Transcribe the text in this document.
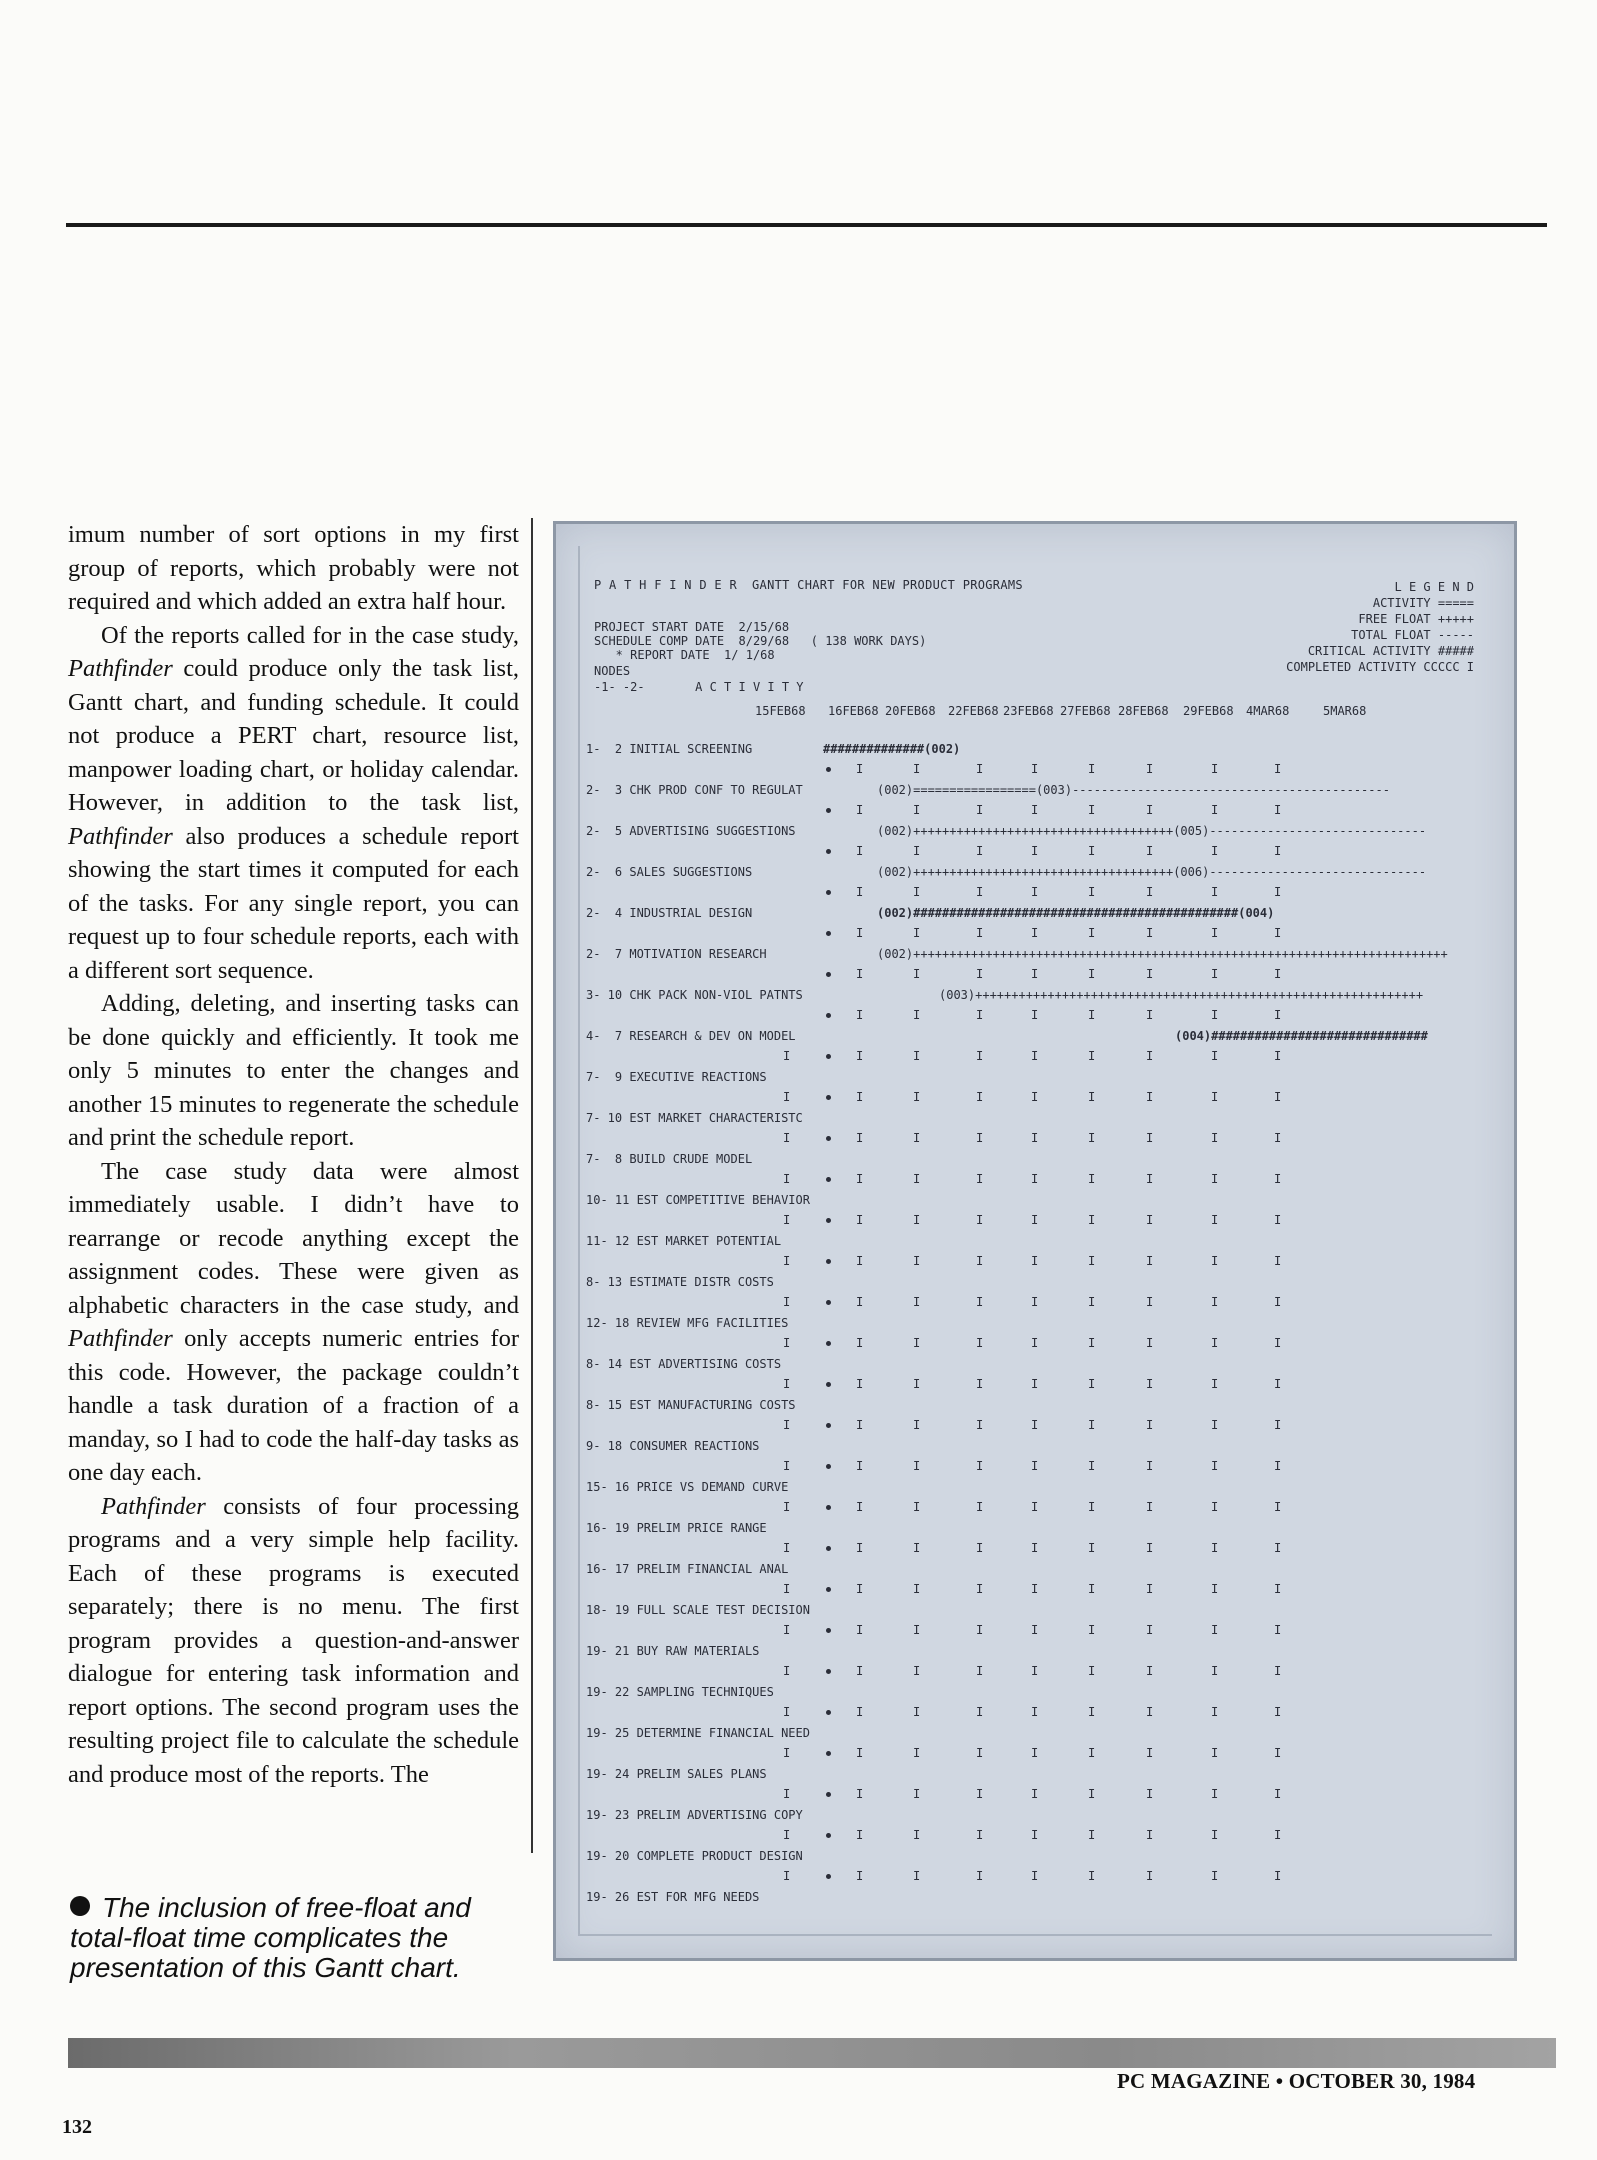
imum number of sort options in my first group of reports, which probably were not required and which added an extra half hour.

Of the reports called for in the case study, Pathfinder could produce only the task list, Gantt chart, and funding schedule. It could not produce a PERT chart, resource list, manpower loading chart, or holiday calendar. However, in addition to the task list, Pathfinder also produces a schedule report showing the start times it computed for each of the tasks. For any single report, you can request up to four schedule reports, each with a different sort sequence.

Adding, deleting, and inserting tasks can be done quickly and efficiently. It took me only 5 minutes to enter the changes and another 15 minutes to regenerate the schedule and print the schedule report.

The case study data were almost immediately usable. I didn’t have to rearrange or recode anything except the assignment codes. These were given as alphabetic characters in the case study, and Pathfinder only accepts numeric entries for this code. However, the package couldn’t handle a task duration of a fraction of a manday, so I had to code the half-day tasks as one day each.

Pathfinder consists of four processing programs and a very simple help facility. Each of these programs is executed separately; there is no menu. The first program provides a question-and-answer dialogue for entering task information and report options. The second program uses the resulting project file to calculate the schedule and produce most of the reports. The

The inclusion of free-float and total-float time complicates the presentation of this Gantt chart.
P A T H F I N D E R  GANTT CHART FOR NEW PRODUCT PROGRAMS
PROJECT START DATE  2/15/68
SCHEDULE COMP DATE  8/29/68   ( 138 WORK DAYS)
* REPORT DATE  1/ 1/68
NODES
-1- -2-       A C T I V I T Y
L E G E N D
ACTIVITY =====
FREE FLOAT +++++
TOTAL FLOAT -----
CRITICAL ACTIVITY #####
COMPLETED ACTIVITY CCCCC I
15FEB68 16FEB68 20FEB68 22FEB68 23FEB68 27FEB68 28FEB68 29FEB68 4MAR68	5MAR68
1-  2 INITIAL SCREENING	##############(002)
I	I	I	I	I	I	I	I
2-  3 CHK PROD CONF TO REGULAT	(002)=================(003)--------------------------------------------
I	I	I	I	I	I	I	I
2-  5 ADVERTISING SUGGESTIONS	(002)++++++++++++++++++++++++++++++++++++(005)------------------------------
I	I	I	I	I	I	I	I
2-  6 SALES SUGGESTIONS	(002)++++++++++++++++++++++++++++++++++++(006)------------------------------
I	I	I	I	I	I	I	I
2-  4 INDUSTRIAL DESIGN	(002)#############################################(004)
I	I	I	I	I	I	I	I
2-  7 MOTIVATION RESEARCH	(002)++++++++++++++++++++++++++++++++++++++++++++++++++++++++++++++++++++++++++
I	I	I	I	I	I	I	I
3- 10 CHK PACK NON-VIOL PATNTS	(003)++++++++++++++++++++++++++++++++++++++++++++++++++++++++++++++
I	I	I	I	I	I	I	I
4-  7 RESEARCH & DEV ON MODEL	(004)##############################
I	I	I	I	I	I	I	I	I
7-  9 EXECUTIVE REACTIONS
I	I	I	I	I	I	I	I	I
7- 10 EST MARKET CHARACTERISTC
I	I	I	I	I	I	I	I	I
7-  8 BUILD CRUDE MODEL
I	I	I	I	I	I	I	I	I
10- 11 EST COMPETITIVE BEHAVIOR
I	I	I	I	I	I	I	I	I
11- 12 EST MARKET POTENTIAL
I	I	I	I	I	I	I	I	I
8- 13 ESTIMATE DISTR COSTS
I	I	I	I	I	I	I	I	I
12- 18 REVIEW MFG FACILITIES
I	I	I	I	I	I	I	I	I
8- 14 EST ADVERTISING COSTS
I	I	I	I	I	I	I	I	I
8- 15 EST MANUFACTURING COSTS
I	I	I	I	I	I	I	I	I
9- 18 CONSUMER REACTIONS
I	I	I	I	I	I	I	I	I
15- 16 PRICE VS DEMAND CURVE
I	I	I	I	I	I	I	I	I
16- 19 PRELIM PRICE RANGE
I	I	I	I	I	I	I	I	I
16- 17 PRELIM FINANCIAL ANAL
I	I	I	I	I	I	I	I	I
18- 19 FULL SCALE TEST DECISION
I	I	I	I	I	I	I	I	I
19- 21 BUY RAW MATERIALS
I	I	I	I	I	I	I	I	I
19- 22 SAMPLING TECHNIQUES
I	I	I	I	I	I	I	I	I
19- 25 DETERMINE FINANCIAL NEED
I	I	I	I	I	I	I	I	I
19- 24 PRELIM SALES PLANS
I	I	I	I	I	I	I	I	I
19- 23 PRELIM ADVERTISING COPY
I	I	I	I	I	I	I	I	I
19- 20 COMPLETE PRODUCT DESIGN
I	I	I	I	I	I	I	I	I
19- 26 EST FOR MFG NEEDS
132
PC MAGAZINE • OCTOBER 30, 1984
